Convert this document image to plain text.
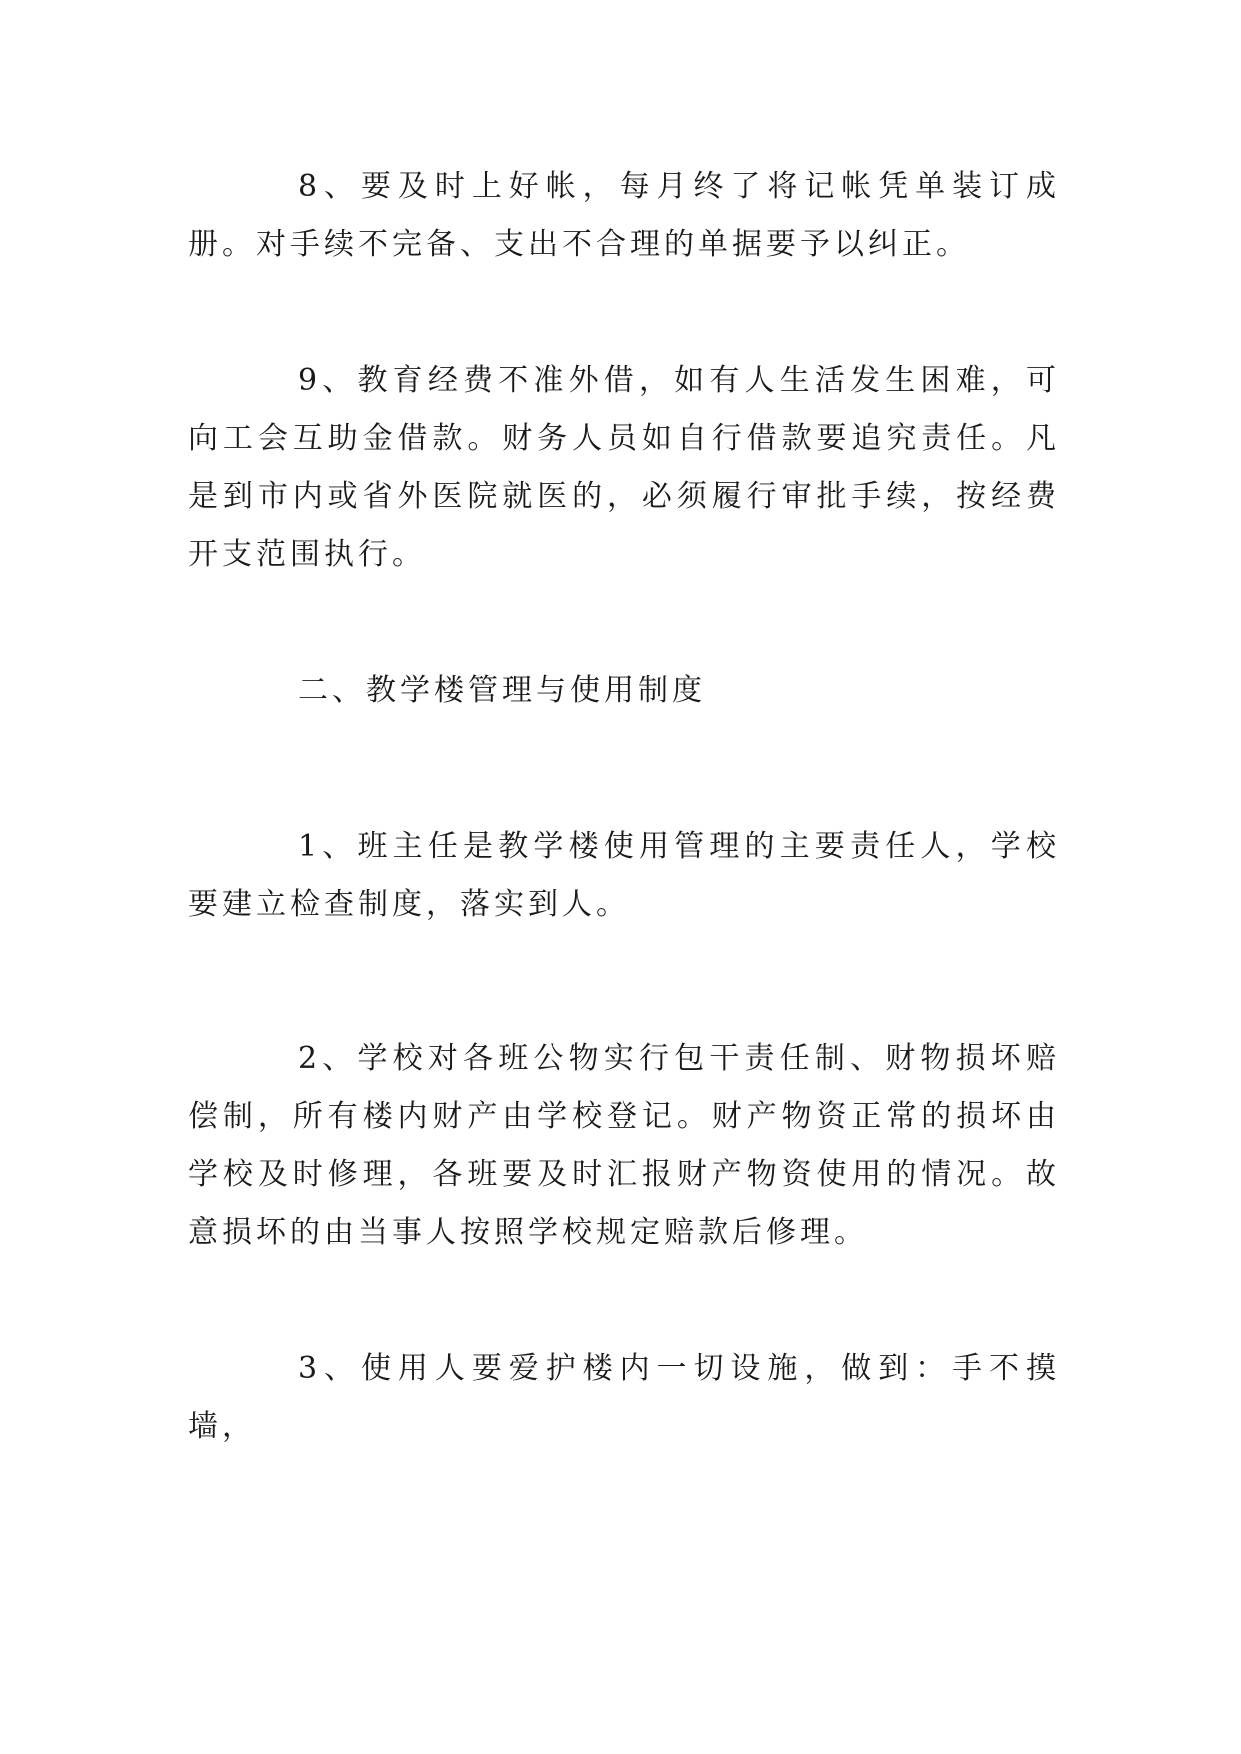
8、要及时上好帐，每月终了将记帐凭单装订成册。对手续不完备、支出不合理的单据要予以纠正。

9、教育经费不准外借，如有人生活发生困难，可向工会互助金借款。财务人员如自行借款要追究责任。凡是到市内或省外医院就医的，必须履行审批手续，按经费开支范围执行。

二、教学楼管理与使用制度

1、班主任是教学楼使用管理的主要责任人，学校要建立检查制度，落实到人。

2、学校对各班公物实行包干责任制、财物损坏赔偿制，所有楼内财产由学校登记。财产物资正常的损坏由学校及时修理，各班要及时汇报财产物资使用的情况。故意损坏的由当事人按照学校规定赔款后修理。

3、使用人要爱护楼内一切设施，做到：手不摸墙，
